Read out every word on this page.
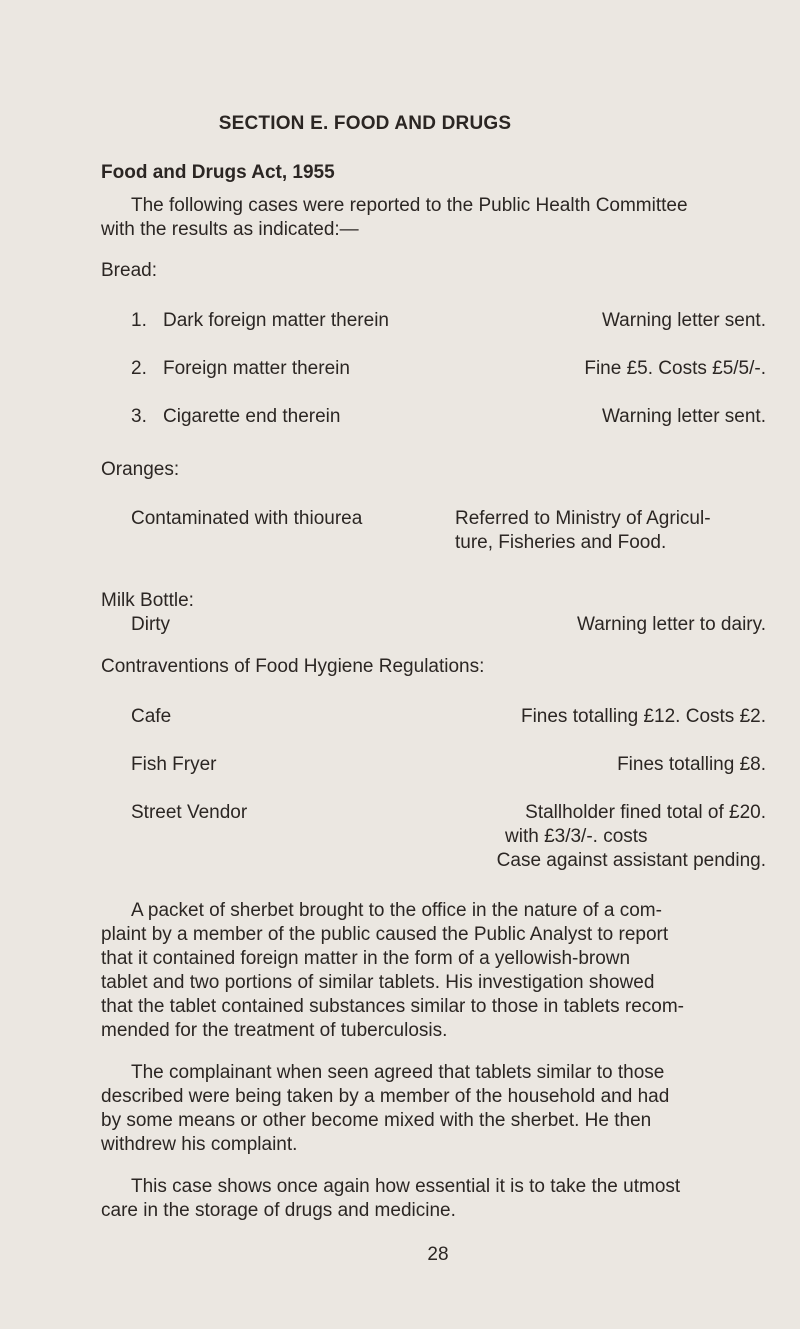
SECTION E. FOOD AND DRUGS
Food and Drugs Act, 1955
The following cases were reported to the Public Health Committee
with the results as indicated:—
Bread:
1. Dark foreign matter therein	Warning letter sent.
2. Foreign matter therein	Fine £5. Costs £5/5/-.
3. Cigarette end therein	Warning letter sent.
Oranges:
Contaminated with thiourea	Referred to Ministry of Agricul-
ture, Fisheries and Food.
Milk Bottle:
Dirty	Warning letter to dairy.
Contraventions of Food Hygiene Regulations:
Cafe	Fines totalling £12. Costs £2.
Fish Fryer	Fines totalling £8.
Street Vendor	Stallholder fined total of £20.
with £3/3/-. costs
Case against assistant pending.
A packet of sherbet brought to the office in the nature of a com-
plaint by a member of the public caused the Public Analyst to report
that it contained foreign matter in the form of a yellowish-brown
tablet and two portions of similar tablets. His investigation showed
that the tablet contained substances similar to those in tablets recom-
mended for the treatment of tuberculosis.
The complainant when seen agreed that tablets similar to those
described were being taken by a member of the household and had
by some means or other become mixed with the sherbet. He then
withdrew his complaint.
This case shows once again how essential it is to take the utmost
care in the storage of drugs and medicine.
28
